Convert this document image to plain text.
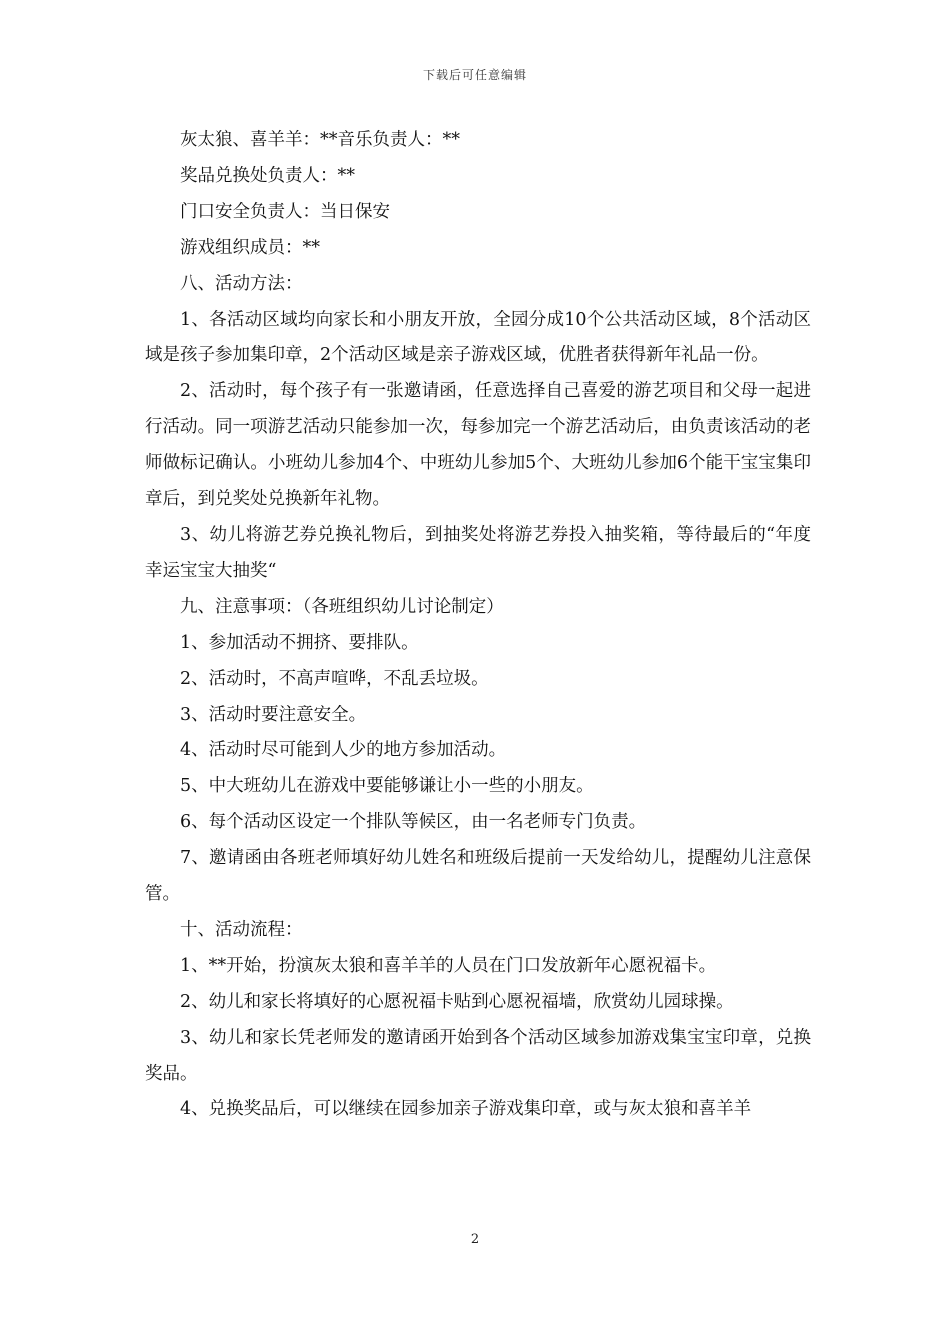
下载后可任意编辑

灰太狼、喜羊羊：**音乐负责人：**

奖品兑换处负责人：**

门口安全负责人：当日保安

游戏组织成员：**

八、活动方法：

1、各活动区域均向家长和小朋友开放，全园分成10个公共活动区域，8个活动区域是孩子参加集印章，2个活动区域是亲子游戏区域，优胜者获得新年礼品一份。

2、活动时，每个孩子有一张邀请函，任意选择自己喜爱的游艺项目和父母一起进行活动。同一项游艺活动只能参加一次，每参加完一个游艺活动后，由负责该活动的老师做标记确认。小班幼儿参加4个、中班幼儿参加5个、大班幼儿参加6个能干宝宝集印章后，到兑奖处兑换新年礼物。

3、幼儿将游艺券兑换礼物后，到抽奖处将游艺券投入抽奖箱，等待最后的“年度幸运宝宝大抽奖“

九、注意事项：（各班组织幼儿讨论制定）

1、参加活动不拥挤、要排队。

2、活动时，不高声喧哗，不乱丢垃圾。

3、活动时要注意安全。

4、活动时尽可能到人少的地方参加活动。

5、中大班幼儿在游戏中要能够谦让小一些的小朋友。

6、每个活动区设定一个排队等候区，由一名老师专门负责。

7、邀请函由各班老师填好幼儿姓名和班级后提前一天发给幼儿，提醒幼儿注意保管。

十、活动流程：

1、**开始，扮演灰太狼和喜羊羊的人员在门口发放新年心愿祝福卡。

2、幼儿和家长将填好的心愿祝福卡贴到心愿祝福墙，欣赏幼儿园球操。

3、幼儿和家长凭老师发的邀请函开始到各个活动区域参加游戏集宝宝印章，兑换奖品。

4、兑换奖品后，可以继续在园参加亲子游戏集印章，或与灰太狼和喜羊羊

2
